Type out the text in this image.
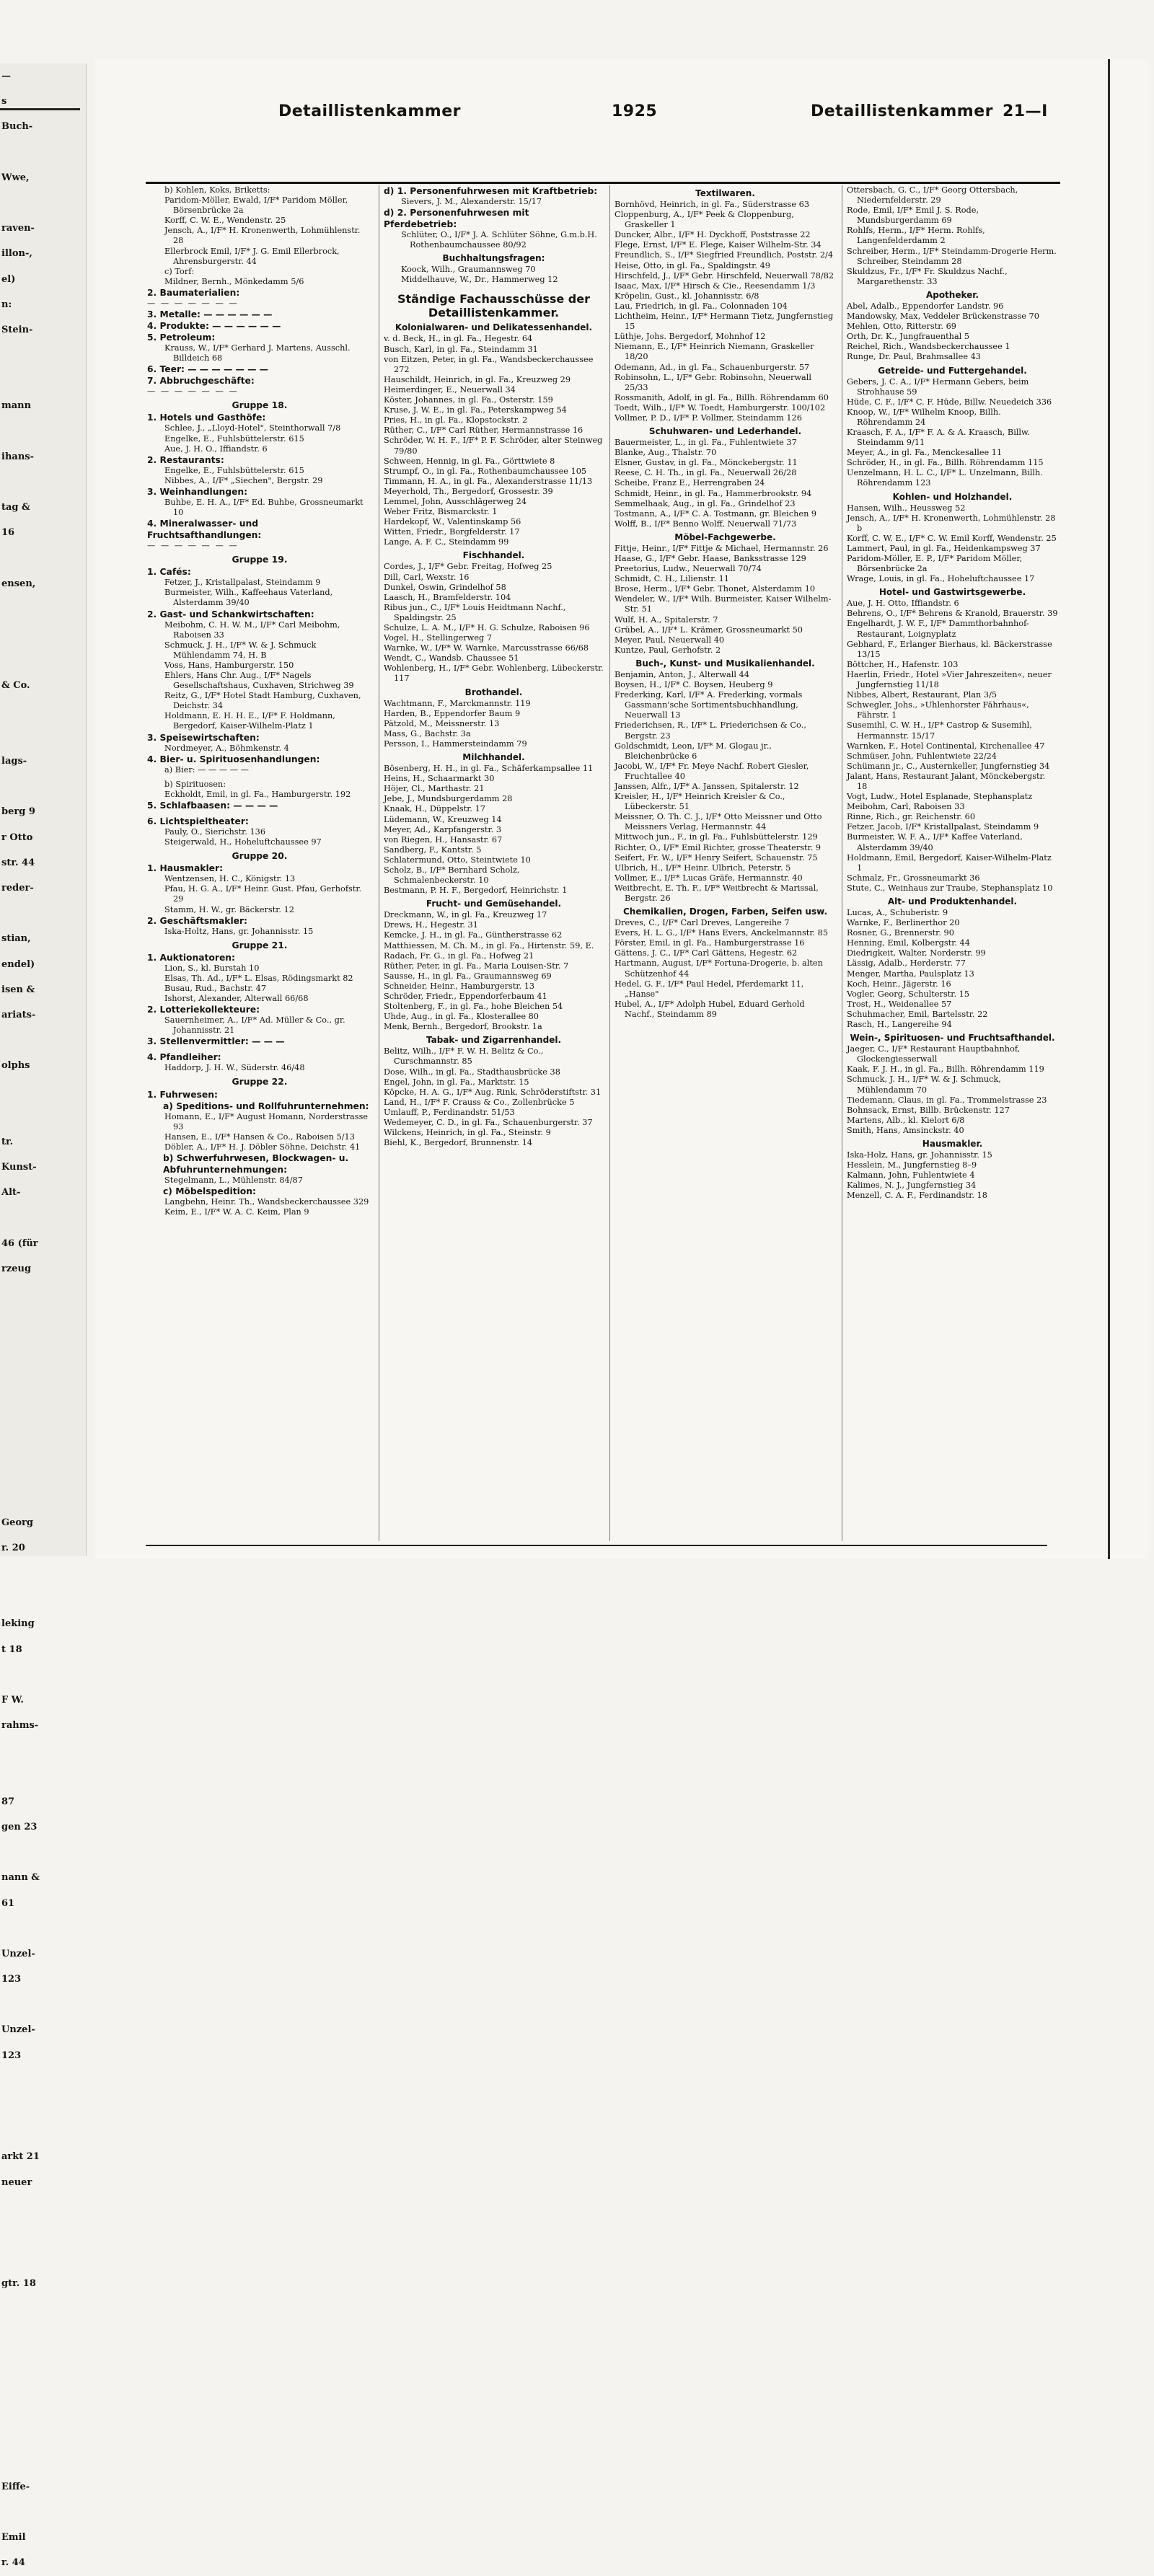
—
s
Buch-
Wwe,
raven-
illon-,
el)
n:
Stein-
mann
ihans-
tag &
16
ensen,
& Co.
lags-
berg 9
r Otto
str. 44
reder-
stian,
endel)
isen &
ariats-
olphs
tr.
Kunst-
Alt-
46 (für
rzeug
Georg
r. 20
leking
t 18
F W.
rahms-
87
gen 23
nann &
61
Unzel-
123
Unzel-
123
arkt 21
neuer
gtr. 18
Eiffe-
Emil
r. 44
Detaillistenkammer	1925	Detaillistenkammer 21—I
b) Kohlen, Koks, Briketts:
Paridom-Möller, Ewald, I/F* Paridom Möller, Börsenbrücke 2a
Korff, C. W. E., Wendenstr. 25
Jensch, A., I/F* H. Kronenwerth, Lohmühlenstr. 28
Ellerbrock Emil, I/F* J. G. Emil Ellerbrock, Ahrensburgerstr. 44
c) Torf:
Mildner, Bernh., Mönkedamm 5/6
2. Baumaterialien:
— — — — — — —
3. Metalle: — — — — — —
4. Produkte: — — — — — —
5. Petroleum:
Krauss, W., I/F* Gerhard J. Martens, Ausschl. Billdeich 68
6. Teer: — — — — — — —
7. Abbruchgeschäfte:
— — — — — — —
Gruppe 18.
1. Hotels und Gasthöfe:
Schlee, J., „Lloyd-Hotel", Steinthorwall 7/8
Engelke, E., Fuhlsbüttelerstr. 615
Aue, J. H. O., Iffiandstr. 6
2. Restaurants:
Engelke, E., Fuhlsbüttelerstr. 615
Nibbes, A., I/F* „Siechen", Bergstr. 29
3. Weinhandlungen:
Buhbe, E. H. A., I/F* Ed. Buhbe, Grossneumarkt 10
4. Mineralwasser- und Fruchtsafthandlungen:
— — — — — — —
Gruppe 19.
1. Cafés:
Fetzer, J., Kristallpalast, Steindamm 9
Burmeister, Wilh., Kaffeehaus Vaterland, Alsterdamm 39/40
2. Gast- und Schankwirtschaften:
Meibohm, C. H. W. M., I/F* Carl Meibohm, Raboisen 33
Schmuck, J. H., I/F* W. & J. Schmuck Mühlendamm 74, H. B
Voss, Hans, Hamburgerstr. 150
Ehlers, Hans Chr. Aug., I/F* Nagels Gesellschaftshaus, Cuxhaven, Strichweg 39
Reitz, G., I/F* Hotel Stadt Hamburg, Cuxhaven, Deichstr. 34
Holdmann, E. H. H. E., I/F* F. Holdmann, Bergedorf, Kaiser-Wilhelm-Platz 1
3. Speisewirtschaften:
Nordmeyer, A., Böhmkenstr. 4
4. Bier- u. Spirituosenhandlungen:
a) Bier: — — — — —
b) Spirituosen:
Eckholdt, Emil, in gl. Fa., Hamburgerstr. 192
5. Schlafbaasen: — — — —
6. Lichtspieltheater:
Pauly, O., Sierichstr. 136
Steigerwald, H., Hoheluftchaussee 97
Gruppe 20.
1. Hausmakler:
Wentzensen, H. C., Königstr. 13
Pfau, H. G. A., I/F* Heinr. Gust. Pfau, Gerhofstr. 29
Stamm, H. W., gr. Bäckerstr. 12
2. Geschäftsmakler:
Iska-Holtz, Hans, gr. Johannisstr. 15
Gruppe 21.
1. Auktionatoren:
Lion, S., kl. Burstah 10
Elsas, Th. Ad., I/F* L. Elsas, Rödingsmarkt 82
Busau, Rud., Bachstr. 47
Ishorst, Alexander, Alterwall 66/68
2. Lotteriekollekteure:
Sauernheimer, A., I/F* Ad. Müller & Co., gr. Johannisstr. 21
3. Stellenvermittler: — — —
4. Pfandleiher:
Haddorp, J. H. W., Süderstr. 46/48
Gruppe 22.
1. Fuhrwesen:
a) Speditions- und Rollfuhrunternehmen:
Homann, E., I/F* August Homann, Norderstrasse 93
Hansen, E., I/F* Hansen & Co., Raboisen 5/13
Döbler, A., I/F* H. J. Döbler Söhne, Deichstr. 41
b) Schwerfuhrwesen, Blockwagen- u. Abfuhrunternehmungen:
Stegelmann, L., Mühlenstr. 84/87
c) Möbelspedition:
Langbehn, Heinr. Th., Wandsbeckerchaussee 329
Keim, E., I/F* W. A. C. Keim, Plan 9
d) 1. Personenfuhrwesen mit Kraftbetrieb:
Sievers, J. M., Alexanderstr. 15/17
d) 2. Personenfuhrwesen mit Pferdebetrieb:
Schlüter, O., I/F* J. A. Schlüter Söhne, G.m.b.H. Rothenbaumchaussee 80/92
Buchhaltungsfragen:
Koock, Wilh., Graumannsweg 70
Middelhauve, W., Dr., Hammerweg 12
Ständige Fachausschüsse der Detaillistenkammer.
Kolonialwaren- und Delikatessenhandel.
v. d. Beck, H., in gl. Fa., Hegestr. 64
Busch, Karl, in gl. Fa., Steindamm 31
von Eitzen, Peter, in gl. Fa., Wandsbeckerchaussee 272
Hauschildt, Heinrich, in gl. Fa., Kreuzweg 29
Heimerdinger, E., Neuerwall 34
Köster, Johannes, in gl. Fa., Osterstr. 159
Kruse, J. W. E., in gl. Fa., Peterskampweg 54
Pries, H., in gl. Fa., Klopstockstr. 2
Rüther, C., I/F* Carl Rüther, Hermannstrasse 16
Schröder, W. H. F., I/F* P. F. Schröder, alter Steinweg 79/80
Schween, Hennig, in gl. Fa., Görttwiete 8
Strumpf, O., in gl. Fa., Rothenbaumchaussee 105
Timmann, H. A., in gl. Fa., Alexanderstrasse 11/13
Meyerhold, Th., Bergedorf, Grossestr. 39
Lemmel, John, Ausschlägerweg 24
Weber Fritz, Bismarckstr. 1
Hardekopf, W., Valentinskamp 56
Witten, Friedr., Borgfelderstr. 17
Lange, A. F. C., Steindamm 99
Fischhandel.
Cordes, J., I/F* Gebr. Freitag, Hofweg 25
Dill, Carl, Wexstr. 16
Dunkel, Oswin, Grindelhof 58
Laasch, H., Bramfelderstr. 104
Ribus jun., C., I/F* Louis Heidtmann Nachf., Spaldingstr. 25
Schulze, L. A. M., I/F* H. G. Schulze, Raboisen 96
Vogel, H., Stellingerweg 7
Warnke, W., I/F* W. Warnke, Marcusstrasse 66/68
Wendt, C., Wandsb. Chaussee 51
Wohlenberg, H., I/F* Gebr. Wohlenberg, Lübeckerstr. 117
Brothandel.
Wachtmann, F., Marckmannstr. 119
Harden, B., Eppendorfer Baum 9
Pätzold, M., Meissnerstr. 13
Mass, G., Bachstr. 3a
Persson, I., Hammersteindamm 79
Milchhandel.
Bösenberg, H. H., in gl. Fa., Schäferkampsallee 11
Heins, H., Schaarmarkt 30
Höjer, Cl., Marthastr. 21
Jebe, J., Mundsburgerdamm 28
Knaak, H., Düppelstr. 17
Lüdemann, W., Kreuzweg 14
Meyer, Ad., Karpfangerstr. 3
von Riegen, H., Hansastr. 67
Sandberg, F., Kantstr. 5
Schlatermund, Otto, Steintwiete 10
Scholz, B., I/F* Bernhard Scholz, Schmalenbeckerstr. 10
Bestmann, P. H. F., Bergedorf, Heinrichstr. 1
Frucht- und Gemüsehandel.
Dreckmann, W., in gl. Fa., Kreuzweg 17
Drews, H., Hegestr. 31
Kemcke, J. H., in gl. Fa., Güntherstrasse 62
Matthiessen, M. Ch. M., in gl. Fa., Hirtenstr. 59, E.
Radach, Fr. G., in gl. Fa., Hofweg 21
Rüther, Peter, in gl. Fa., Maria Louisen-Str. 7
Sausse, H., in gl. Fa., Graumannsweg 69
Schneider, Heinr., Hamburgerstr. 13
Schröder, Friedr., Eppendorferbaum 41
Stoltenberg, F., in gl. Fa., hohe Bleichen 54
Uhde, Aug., in gl. Fa., Klosterallee 80
Menk, Bernh., Bergedorf, Brookstr. 1a
Tabak- und Zigarrenhandel.
Belitz, Wilh., I/F* F. W. H. Belitz & Co., Curschmannstr. 85
Dose, Wilh., in gl. Fa., Stadthausbrücke 38
Engel, John, in gl. Fa., Marktstr. 15
Köpcke, H. A. G., I/F* Aug. Rink, Schröderstiftstr. 31
Land, H., I/F* F. Crauss & Co., Zollenbrücke 5
Umlauff, P., Ferdinandstr. 51/53
Wedemeyer, C. D., in gl. Fa., Schauenburgerstr. 37
Wilckens, Heinrich, in gl. Fa., Steinstr. 9
Biehl, K., Bergedorf, Brunnenstr. 14
Textilwaren.
Bornhövd, Heinrich, in gl. Fa., Süderstrasse 63
Cloppenburg, A., I/F* Peek & Cloppenburg, Graskeller 1
Duncker, Albr., I/F* H. Dyckhoff, Poststrasse 22
Flege, Ernst, I/F* E. Flege, Kaiser Wilhelm-Str. 34
Freundlich, S., I/F* Siegfried Freundlich, Poststr. 2/4
Heise, Otto, in gl. Fa., Spaldingstr. 49
Hirschfeld, J., I/F* Gebr. Hirschfeld, Neuerwall 78/82
Isaac, Max, I/F* Hirsch & Cie., Reesendamm 1/3
Kröpelin, Gust., kl. Johannisstr. 6/8
Lau, Friedrich, in gl. Fa., Colonnaden 104
Lichtheim, Heinr., I/F* Hermann Tietz, Jungfernstieg 15
Lüthje, Johs. Bergedorf, Mohnhof 12
Niemann, E., I/F* Heinrich Niemann, Graskeller 18/20
Odemann, Ad., in gl. Fa., Schauenburgerstr. 57
Robinsohn, L., I/F* Gebr. Robinsohn, Neuerwall 25/33
Rossmanith, Adolf, in gl. Fa., Billh. Röhrendamm 60
Toedt, Wilh., I/F* W. Toedt, Hamburgerstr. 100/102
Vollmer, P. D., I/F* P. Vollmer, Steindamm 126
Schuhwaren- und Lederhandel.
Bauermeister, L., in gl. Fa., Fuhlentwiete 37
Blanke, Aug., Thalstr. 70
Elsner, Gustav, in gl. Fa., Mönckebergstr. 11
Reese, C. H. Th., in gl. Fa., Neuerwall 26/28
Scheibe, Franz E., Herrengraben 24
Schmidt, Heinr., in gl. Fa., Hammerbrookstr. 94
Semmelhaak, Aug., in gl. Fa., Grindelhof 23
Tostmann, A., I/F* C. A. Tostmann, gr. Bleichen 9
Wolff, B., I/F* Benno Wolff, Neuerwall 71/73
Möbel-Fachgewerbe.
Fittje, Heinr., I/F* Fittje & Michael, Hermannstr. 26
Haase, G., I/F* Gebr. Haase, Banksstrasse 129
Preetorius, Ludw., Neuerwall 70/74
Schmidt, C. H., Lilienstr. 11
Brose, Herm., I/F* Gebr. Thonet, Alsterdamm 10
Wendeler, W., I/F* Wilh. Burmeister, Kaiser Wilhelm-Str. 51
Wulf, H. A., Spitalerstr. 7
Grübel, A., I/F* L. Krämer, Grossneumarkt 50
Meyer, Paul, Neuerwall 40
Kuntze, Paul, Gerhofstr. 2
Buch-, Kunst- und Musikalienhandel.
Benjamin, Anton, J., Alterwall 44
Boysen, H., I/F* C. Boysen, Heuberg 9
Frederking, Karl, I/F* A. Frederking, vormals Gassmann'sche Sortimentsbuchhandlung, Neuerwall 13
Friederichsen, R., I/F* L. Friederichsen & Co., Bergstr. 23
Goldschmidt, Leon, I/F* M. Glogau jr., Bleichenbrücke 6
Jacobi, W., I/F* Fr. Meye Nachf. Robert Giesler, Fruchtallee 40
Janssen, Alfr., I/F* A. Janssen, Spitalerstr. 12
Kreisler, H., I/F* Heinrich Kreisler & Co., Lübeckerstr. 51
Meissner, O. Th. C. J., I/F* Otto Meissner und Otto Meissners Verlag, Hermannstr. 44
Mittwoch jun., F., in gl. Fa., Fuhlsbüttelerstr. 129
Richter, O., I/F* Emil Richter, grosse Theaterstr. 9
Seifert, Fr. W., I/F* Henry Seifert, Schauenstr. 75
Ulbrich, H., I/F* Heinr. Ulbrich, Peterstr. 5
Vollmer, E., I/F* Lucas Gräfe, Hermannstr. 40
Weitbrecht, E. Th. F., I/F* Weitbrecht & Marissal, Bergstr. 26
Chemikalien, Drogen, Farben, Seifen usw.
Dreves, C., I/F* Carl Dreves, Langereihe 7
Evers, H. L. G., I/F* Hans Evers, Anckelmannstr. 85
Förster, Emil, in gl. Fa., Hamburgerstrasse 16
Gättens, J. C., I/F* Carl Gättens, Hegestr. 62
Hartmann, August, I/F* Fortuna-Drogerie, b. alten Schützenhof 44
Hedel, G. F., I/F* Paul Hedel, Pferdemarkt 11, „Hanse"
Hubel, A., I/F* Adolph Hubel, Eduard Gerhold Nachf., Steindamm 89
Ottersbach, G. C., I/F* Georg Ottersbach, Niedernfelderstr. 29
Rode, Emil, I/F* Emil J. S. Rode, Mundsburgerdamm 69
Rohlfs, Herm., I/F* Herm. Rohlfs, Langenfelderdamm 2
Schreiber, Herm., I/F* Steindamm-Drogerie Herm. Schreiber, Steindamm 28
Skuldzus, Fr., I/F* Fr. Skuldzus Nachf., Margarethenstr. 33
Apotheker.
Abel, Adalb., Eppendorfer Landstr. 96
Mandowsky, Max, Veddeler Brückenstrasse 70
Mehlen, Otto, Ritterstr. 69
Orth, Dr. K., Jungfrauenthal 5
Reichel, Rich., Wandsbeckerchaussee 1
Runge, Dr. Paul, Brahmsallee 43
Getreide- und Futtergehandel.
Gebers, J. C. A., I/F* Hermann Gebers, beim Strohhause 59
Hüde, C. F., I/F* C. F. Hüde, Billw. Neuedeich 336
Knoop, W., I/F* Wilhelm Knoop, Billh. Röhrendamm 24
Kraasch, F. A., I/F* F. A. & A. Kraasch, Billw. Steindamm 9/11
Meyer, A., in gl. Fa., Menckesallee 11
Schröder, H., in gl. Fa., Billh. Röhrendamm 115
Uenzelmann, H. L. C., I/F* L. Unzelmann, Billh. Röhrendamm 123
Kohlen- und Holzhandel.
Hansen, Wilh., Heussweg 52
Jensch, A., I/F* H. Kronenwerth, Lohmühlenstr. 28 b
Korff, C. W. E., I/F* C. W. Emil Korff, Wendenstr. 25
Lammert, Paul, in gl. Fa., Heidenkampsweg 37
Paridom-Möller, E. P., I/F* Paridom Möller, Börsenbrücke 2a
Wrage, Louis, in gl. Fa., Hoheluftchaussee 17
Hotel- und Gastwirtsgewerbe.
Aue, J. H. Otto, Iffiandstr. 6
Behrens, O., I/F* Behrens & Kranold, Brauerstr. 39
Engelhardt, J. W. F., I/F* Dammthorbahnhof-Restaurant, Loignyplatz
Gebhard, F., Erlanger Bierhaus, kl. Bäckerstrasse 13/15
Böttcher, H., Hafenstr. 103
Haerlin, Friedr., Hotel »Vier Jahreszeiten«, neuer Jungfernstieg 11/18
Nibbes, Albert, Restaurant, Plan 3/5
Schwegler, Johs., »Uhlenhorster Fährhaus«, Fährstr. 1
Susemihl, C. W. H., I/F* Castrop & Susemihl, Hermannstr. 15/17
Warnken, F., Hotel Continental, Kirchenallee 47
Schmüser, John, Fuhlentwiete 22/24
Schümann jr., C., Austernkeller, Jungfernstieg 34
Jalant, Hans, Restaurant Jalant, Mönckebergstr. 18
Vogt, Ludw., Hotel Esplanade, Stephansplatz
Meibohm, Carl, Raboisen 33
Rinne, Rich., gr. Reichenstr. 60
Fetzer, Jacob, I/F* Kristallpalast, Steindamm 9
Burmeister, W. F. A., I/F* Kaffee Vaterland, Alsterdamm 39/40
Holdmann, Emil, Bergedorf, Kaiser-Wilhelm-Platz 1
Schmalz, Fr., Grossneumarkt 36
Stute, C., Weinhaus zur Traube, Stephansplatz 10
Alt- und Produktenhandel.
Lucas, A., Schuberistr. 9
Warnke, F., Berlinerthor 20
Rosner, G., Brennerstr. 90
Henning, Emil, Kolbergstr. 44
Diedrigkeit, Walter, Norderstr. 99
Lässig, Adalb., Herderstr. 77
Menger, Martha, Paulsplatz 13
Koch, Heinr., Jägerstr. 16
Vogler, Georg, Schulterstr. 15
Trost, H., Weidenallee 57
Schuhmacher, Emil, Bartelsstr. 22
Rasch, H., Langereihe 94
Wein-, Spirituosen- und Fruchtsafthandel.
Jaeger, C., I/F* Restaurant Hauptbahnhof, Glockengiesserwall
Kaak, F. J. H., in gl. Fa., Billh. Röhrendamm 119
Schmuck, J. H., I/F* W. & J. Schmuck, Mühlendamm 70
Tiedemann, Claus, in gl. Fa., Trommelstrasse 23
Bohnsack, Ernst, Billb. Brückenstr. 127
Martens, Alb., kl. Kielort 6/8
Smith, Hans, Amsinckstr. 40
Hausmakler.
Iska-Holz, Hans, gr. Johannisstr. 15
Hesslein, M., Jungfernstieg 8–9
Kalmann, John, Fuhlentwiete 4
Kalimes, N. J., Jungfernstieg 34
Menzell, C. A. F., Ferdinandstr. 18
